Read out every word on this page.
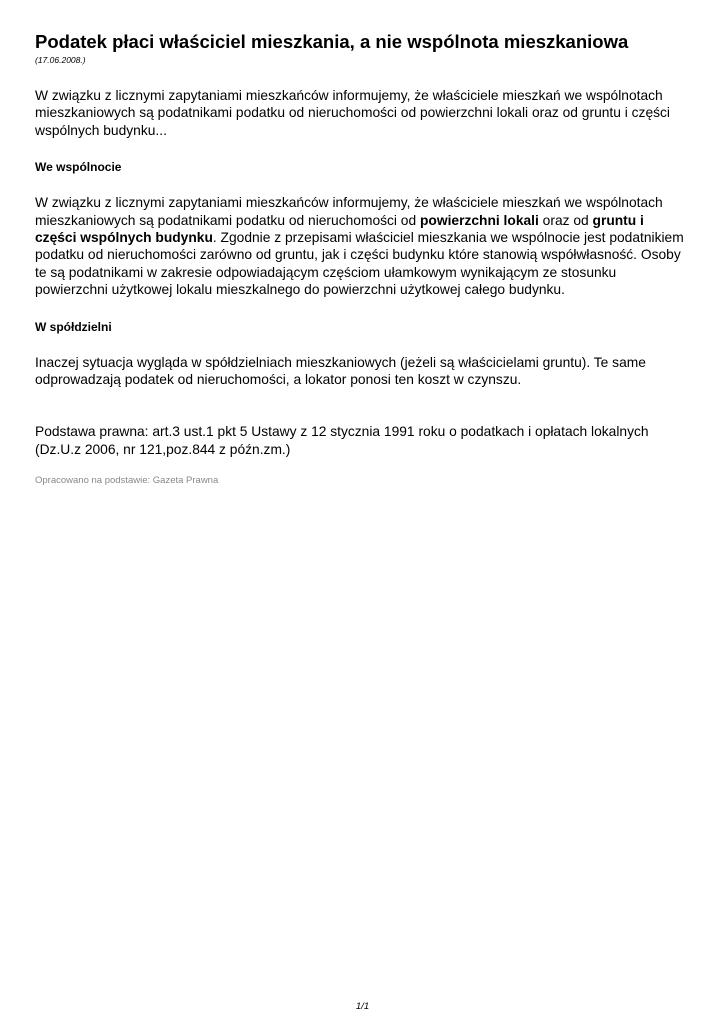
Podatek płaci właściciel mieszkania, a nie wspólnota mieszkaniowa

(17.06.2008.)

W związku z licznymi zapytaniami mieszkańców informujemy, że właściciele mieszkań we wspólnotach mieszkaniowych są podatnikami podatku od nieruchomości od powierzchni lokali oraz od gruntu i części wspólnych budynku...

We wspólnocie

W związku z licznymi zapytaniami mieszkańców informujemy, że właściciele mieszkań we wspólnotach mieszkaniowych są podatnikami podatku od nieruchomości od powierzchni lokali oraz od gruntu i części wspólnych budynku. Zgodnie z przepisami właściciel mieszkania we wspólnocie jest podatnikiem podatku od nieruchomości zarówno od gruntu, jak i części budynku które stanowią współwłasność. Osoby te są podatnikami w zakresie odpowiadającym częściom ułamkowym wynikającym ze stosunku powierzchni użytkowej lokalu mieszkalnego do powierzchni użytkowej całego budynku.

W spółdzielni

Inaczej sytuacja wygląda w spółdzielniach mieszkaniowych (jeżeli są właścicielami gruntu). Te same odprowadzają podatek od nieruchomości, a lokator ponosi ten koszt w czynszu.

Podstawa prawna: art.3 ust.1 pkt 5 Ustawy z 12 stycznia 1991 roku o podatkach i opłatach lokalnych (Dz.U.z 2006, nr 121,poz.844 z późn.zm.)

Opracowano na podstawie: Gazeta Prawna

1/1
